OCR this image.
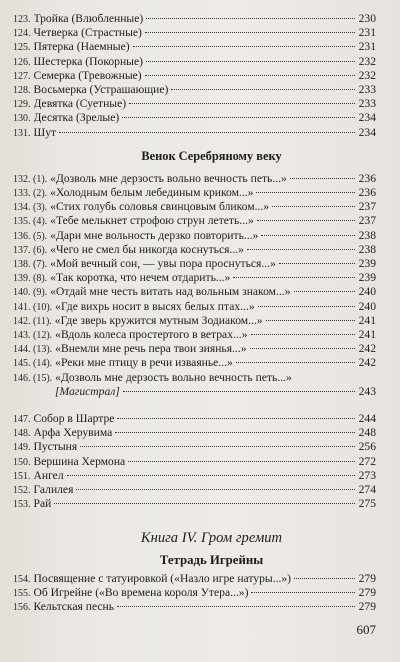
123. Тройка (Влюбленные)	230
124. Четверка (Страстные)	231
125. Пятерка (Наемные)	231
126. Шестерка (Покорные)	232
127. Семерка (Тревожные)	232
128. Восьмерка (Устрашающие)	233
129. Девятка (Суетные)	233
130. Десятка (Зрелые)	234
131. Шут	234
Венок Серебряному веку
132. (1). «Дозволь мне дерзость вольно вечность петь...»	236
133. (2). «Холодным белым лебединым криком...»	236
134. (3). «Стих голубь соловья свинцовым бликом...»	237
135. (4). «Тебе мелькнет строфою струн лететь...»	237
136. (5). «Дари мне вольность дерзко повторить...»	238
137. (6). «Чего не смел бы никогда коснуться...»	238
138. (7). «Мой вечный сон, — увы пора проснуться...»	239
139. (8). «Так коротка, что нечем отдарить...»	239
140. (9). «Отдай мне честь витать над вольным знаком...»	240
141. (10). «Где вихрь носит в высях белых птах...»	240
142. (11). «Где зверь кружится мутным Зодиаком...»	241
143. (12). «Вдоль колеса простертого в ветрах...»	241
144. (13). «Внемли мне речь пера твои зиянья...»	242
145. (14). «Реки мне птицу в речи изваянье...»	242
146. (15). «Дозволь мне дерзость вольно вечность петь...»
[Магистрал]	243
147. Собор в Шартре	244
148. Арфа Херувима	248
149. Пустыня	256
150. Вершина Хермона	272
151. Ангел	273
152. Галилея	274
153. Рай	275
Книга IV. Гром гремит
Тетрадь Игрейны
154. Посвящение с татуировкой («Назло игре натуры...»)	279
155. Об Игрейне («Во времена короля Утера...»)	279
156. Кельтская песнь	279
607
